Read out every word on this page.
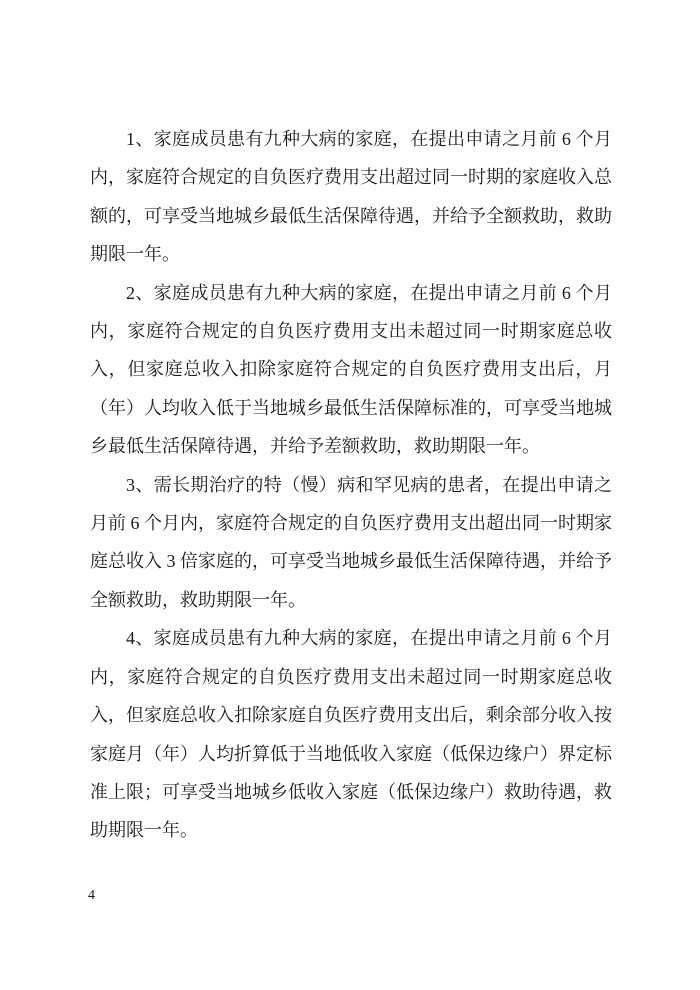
1、家庭成员患有九种大病的家庭，在提出申请之月前 6 个月内，家庭符合规定的自负医疗费用支出超过同一时期的家庭收入总额的，可享受当地城乡最低生活保障待遇，并给予全额救助，救助期限一年。

2、家庭成员患有九种大病的家庭，在提出申请之月前 6 个月内，家庭符合规定的自负医疗费用支出未超过同一时期家庭总收入，但家庭总收入扣除家庭符合规定的自负医疗费用支出后，月（年）人均收入低于当地城乡最低生活保障标准的，可享受当地城乡最低生活保障待遇，并给予差额救助，救助期限一年。

3、需长期治疗的特（慢）病和罕见病的患者，在提出申请之月前 6 个月内，家庭符合规定的自负医疗费用支出超出同一时期家庭总收入 3 倍家庭的，可享受当地城乡最低生活保障待遇，并给予全额救助，救助期限一年。

4、家庭成员患有九种大病的家庭，在提出申请之月前 6 个月内，家庭符合规定的自负医疗费用支出未超过同一时期家庭总收入，但家庭总收入扣除家庭自负医疗费用支出后，剩余部分收入按家庭月（年）人均折算低于当地低收入家庭（低保边缘户）界定标准上限；可享受当地城乡低收入家庭（低保边缘户）救助待遇，救助期限一年。

4
